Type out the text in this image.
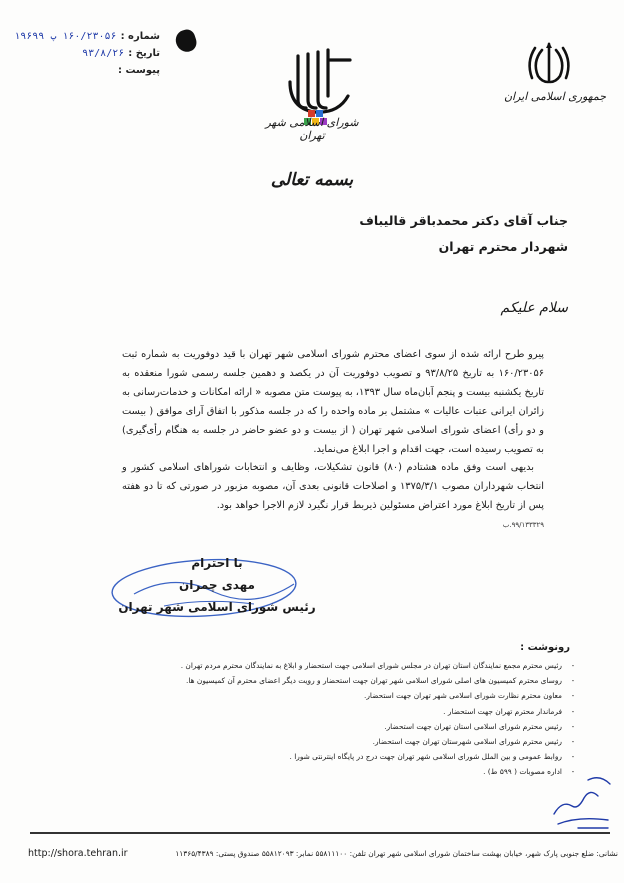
شماره :
۱۶۰/۲۳۰۵۶ پ ۱۹۶۹۹
تاریخ :
۹۳/۸/۲۶
پیوست :
شورای اسلامی شهر تهران
جمهوری اسلامی ایران
بسمه تعالی
جناب آقای دکتر محمدباقر قالیباف
شهردار محترم تهران
سلام علیکم

پیرو طرح ارائه شده از سوی اعضای محترم شورای اسلامی شهر تهران با قید دوفوریت به شماره ثبت ۱۶۰/۲۳۰۵۶ به تاریخ ۹۳/۸/۲۵ و تصویب دوفوریت آن در یکصد و دهمین جلسه رسمی شورا منعقده به تاریخ یکشنبه بیست و پنجم آبان‌ماه سال ۱۳۹۳، به پیوست متن مصوبه « ارائه امکانات و خدمات‌رسانی به زائران ایرانی عتبات عالیات » مشتمل بر ماده واحده را که در جلسه مذکور با اتفاق آرای موافق ( بیست و دو رأی) اعضای شورای اسلامی شهر تهران ( از بیست و دو عضو حاضر در جلسه به هنگام رأی‌گیری) به تصویب رسیده است، جهت اقدام و اجرا ابلاغ می‌نماید.

بدیهی است وفق ماده هشتادم (۸۰) قانون تشکیلات، وظایف و انتخابات شوراهای اسلامی کشور و انتخاب شهرداران مصوب ۱۳۷۵/۳/۱ و اصلاحات قانونی بعدی آن، مصوبه مزبور در صورتی که تا دو هفته پس از تاریخ ابلاغ مورد اعتراض مسئولین ذیربط قرار نگیرد لازم الاجرا خواهد بود.

۹۹/۱۳۳۳۲۹.ب

با احترام
مهدی چمران
رئیس شورای اسلامی شهر تهران
رونوشت :
-
رئیس محترم مجمع نمایندگان استان تهران در مجلس شورای اسلامی جهت استحضار و ابلاغ به نمایندگان محترم مردم تهران .
-
روسای محترم کمیسیون های اصلی شورای اسلامی شهر تهران جهت استحضار و رویت دیگر اعضای محترم آن کمیسیون ها.
-
معاون محترم نظارت شورای اسلامی شهر تهران جهت استحضار.
-
فرماندار محترم تهران جهت استحضار .
-
رئیس محترم شورای اسلامی استان تهران جهت استحضار.
-
رئیس محترم شورای اسلامی شهرستان تهران جهت استحضار.
-
روابط عمومی و بین الملل شورای اسلامی شهر تهران جهت درج در پایگاه اینترنتی شورا .
-
اداره مصوبات ( ۵۹۹ ط) .
http://shora.tehran.ir	نشانی: ضلع جنوبی پارک شهر، خیابان بهشت ساختمان شورای اسلامی شهر تهران تلفن: ۵۵۸۱۱۱۰۰ نمابر: ۵۵۸۱۲۰۹۳ صندوق پستی: ۱۱۳۶۵/۴۳۸۹
